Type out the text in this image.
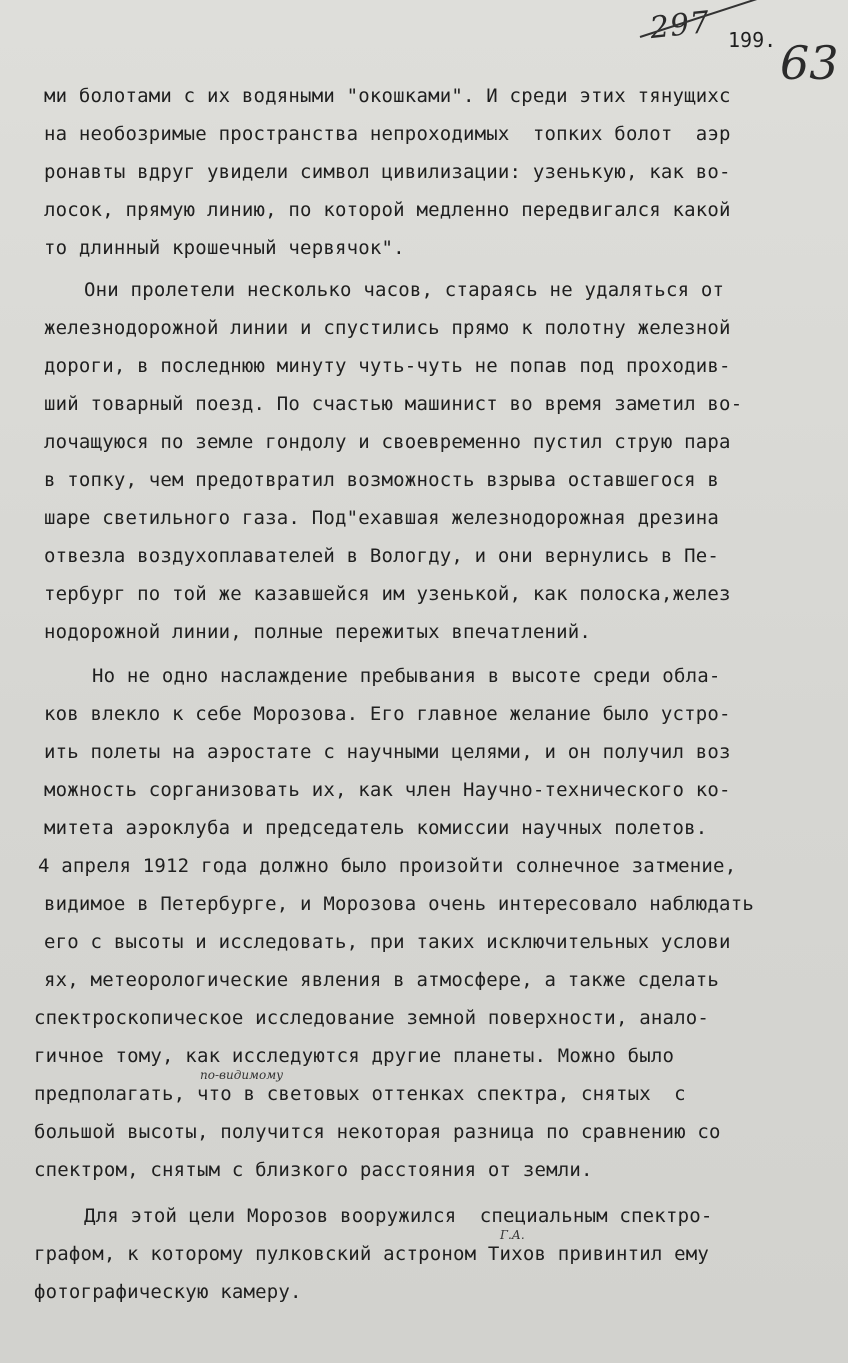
297 199. 63
ми болотами с их водяными "окошками". И среди этих тянущихс
на необозримые пространства непроходимых  топких болот  аэр
ронавты вдруг увидели символ цивилизации: узенькую, как во-
лосок, прямую линию, по которой медленно передвигался какой
то длинный крошечный червячок".
Они пролетели несколько часов, стараясь не удаляться от
железнодорожной линии и спустились прямо к полотну железной
дороги, в последнюю минуту чуть-чуть не попав под проходив-
ший товарный поезд. По счастью машинист во время заметил во-
лочащуюся по земле гондолу и своевременно пустил струю пара
в топку, чем предотвратил возможность взрыва оставшегося в
шаре светильного газа. Под"ехавшая железнодорожная дрезина
отвезла воздухоплавателей в Вологду, и они вернулись в Пе-
тербург по той же казавшейся им узенькой, как полоска,желез
нодорожной линии, полные пережитых впечатлений.
Но не одно наслаждение пребывания в высоте среди обла-
ков влекло к себе Морозова. Его главное желание было устро-
ить полеты на аэростате с научными целями, и он получил воз
можность сорганизовать их, как член Научно-технического ко-
митета аэроклуба и председатель комиссии научных полетов.
4 апреля 1912 года должно было произойти солнечное затмение,
видимое в Петербурге, и Морозова очень интересовало наблюдать
его с высоты и исследовать, при таких исключительных услови
ях, метеорологические явления в атмосфере, а также сделать
спектроскопическое исследование земной поверхности, анало-
гичное тому, как исследуются другие планеты. Можно было
предполагать, что в световых оттенках спектра, снятых  с
большой высоты, получится некоторая разница по сравнению со
спектром, снятым с близкого расстояния от земли.
Для этой цели Морозов вооружился  специальным спектро-
графом, к которому пулковский астроном Тихов привинтил ему
фотографическую камеру.
по-видимому
Г.А.
